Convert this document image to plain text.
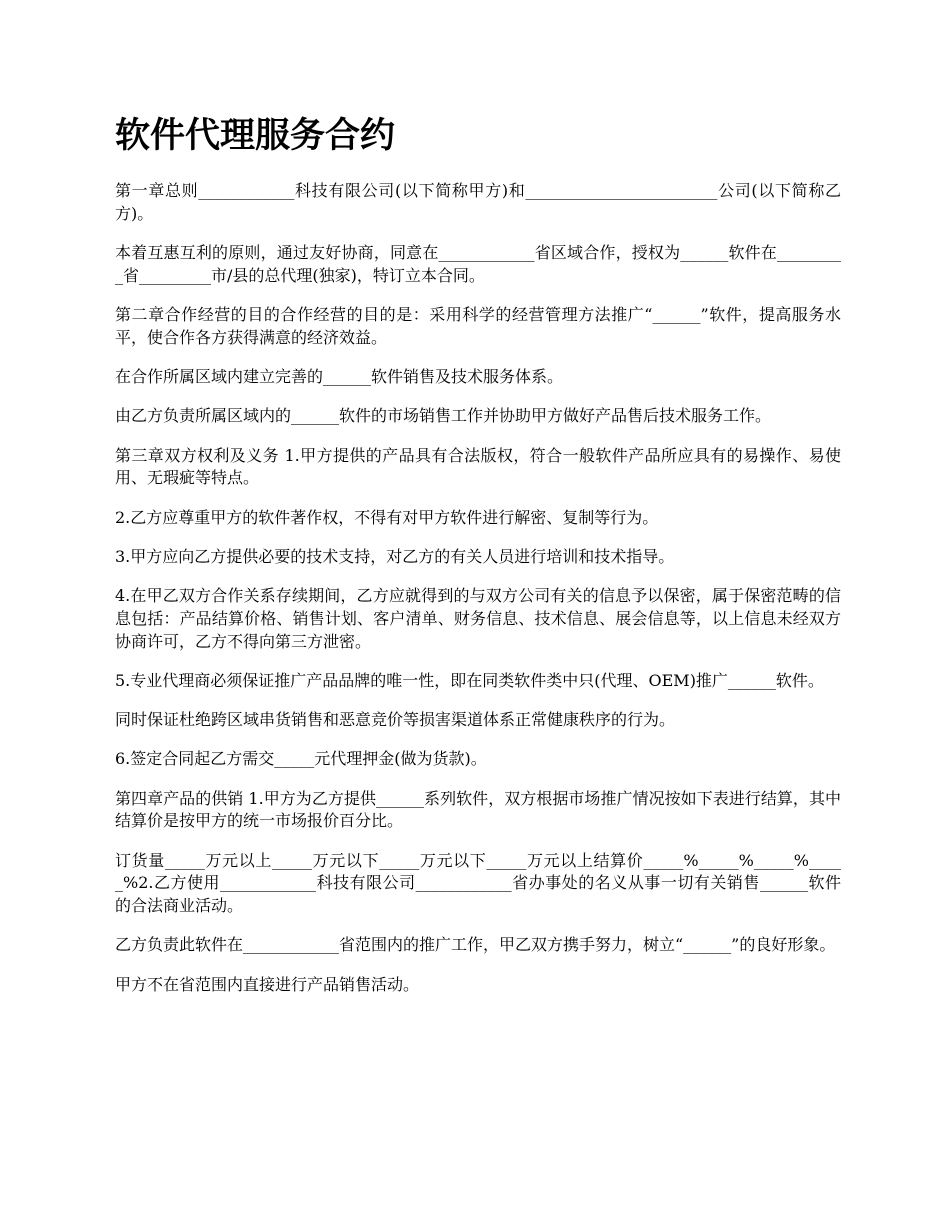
软件代理服务合约

第一章总则____________科技有限公司(以下简称甲方)和________________________公司(以下简称乙方)。

本着互惠互利的原则，通过友好协商，同意在____________省区域合作，授权为______软件在_________省_________市/县的总代理(独家)，特订立本合同。

第二章合作经营的目的合作经营的目的是：采用科学的经营管理方法推广“______”软件，提高服务水平，使合作各方获得满意的经济效益。

在合作所属区域内建立完善的______软件销售及技术服务体系。

由乙方负责所属区域内的______软件的市场销售工作并协助甲方做好产品售后技术服务工作。

第三章双方权利及义务 1.甲方提供的产品具有合法版权，符合一般软件产品所应具有的易操作、易使用、无瑕疵等特点。

2.乙方应尊重甲方的软件著作权，不得有对甲方软件进行解密、复制等行为。

3.甲方应向乙方提供必要的技术支持，对乙方的有关人员进行培训和技术指导。

4.在甲乙双方合作关系存续期间，乙方应就得到的与双方公司有关的信息予以保密，属于保密范畴的信息包括：产品结算价格、销售计划、客户清单、财务信息、技术信息、展会信息等，以上信息未经双方协商许可，乙方不得向第三方泄密。

5.专业代理商必须保证推广产品品牌的唯一性，即在同类软件类中只(代理、OEM)推广______软件。

同时保证杜绝跨区域串货销售和恶意竞价等损害渠道体系正常健康秩序的行为。

6.签定合同起乙方需交_____元代理押金(做为货款)。

第四章产品的供销 1.甲方为乙方提供______系列软件，双方根据市场推广情况按如下表进行结算，其中结算价是按甲方的统一市场报价百分比。

订货量_____万元以上_____万元以下_____万元以下_____万元以上结算价_____%_____%_____%_____%2.乙方使用____________科技有限公司____________省办事处的名义从事一切有关销售______软件的合法商业活动。

乙方负责此软件在____________省范围内的推广工作，甲乙双方携手努力，树立“______”的良好形象。

甲方不在省范围内直接进行产品销售活动。
